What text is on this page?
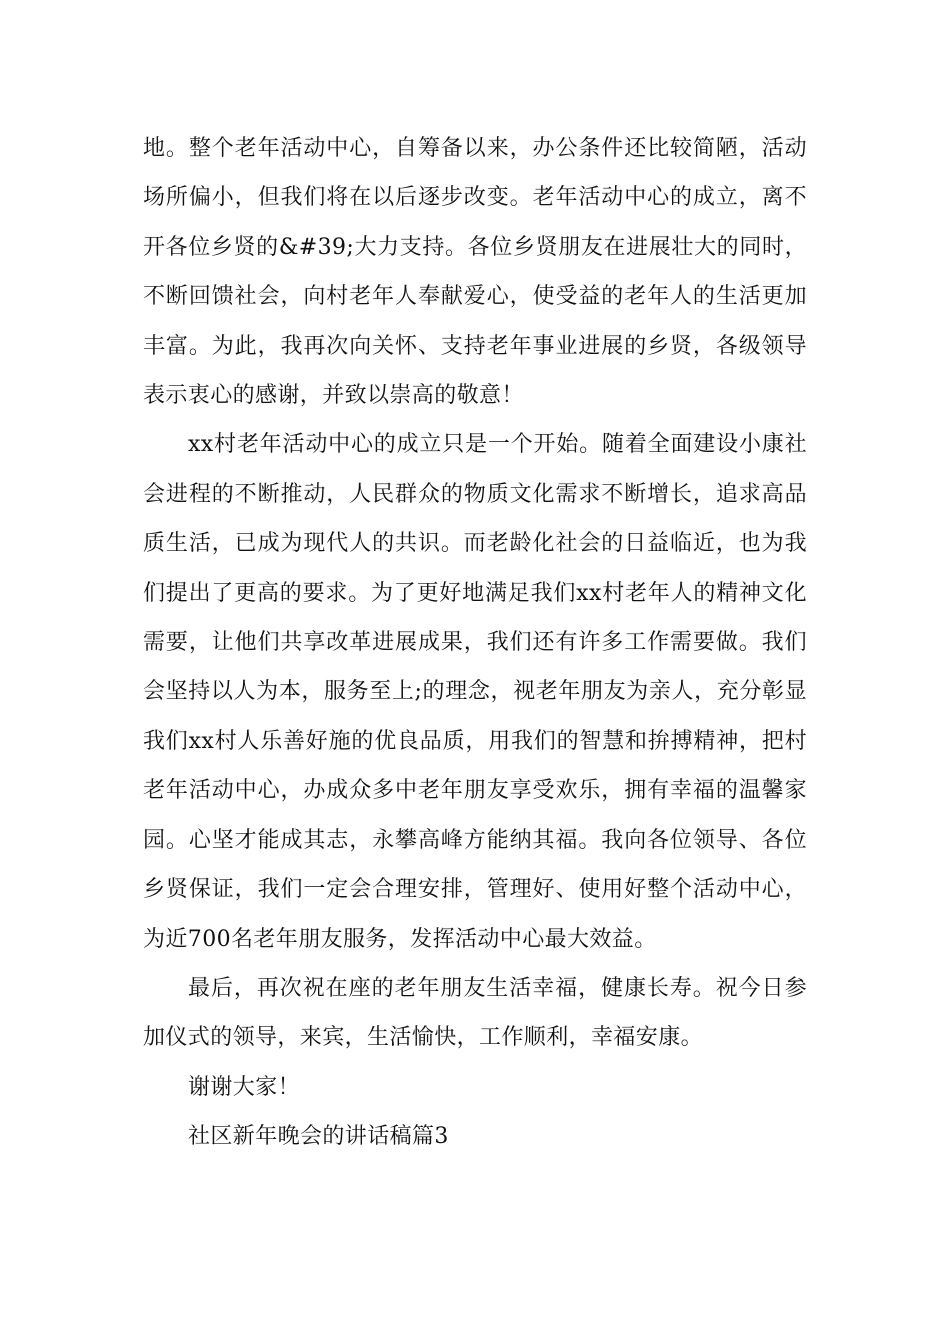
地。整个老年活动中心，自筹备以来，办公条件还比较简陋，活动场所偏小，但我们将在以后逐步改变。老年活动中心的成立，离不开各位乡贤的&#39;大力支持。各位乡贤朋友在进展壮大的同时，不断回馈社会，向村老年人奉献爱心，使受益的老年人的生活更加丰富。为此，我再次向关怀、支持老年事业进展的乡贤，各级领导表示衷心的感谢，并致以崇高的敬意！

xx村老年活动中心的成立只是一个开始。随着全面建设小康社会进程的不断推动，人民群众的物质文化需求不断增长，追求高品质生活，已成为现代人的共识。而老龄化社会的日益临近，也为我们提出了更高的要求。为了更好地满足我们xx村老年人的精神文化需要，让他们共享改革进展成果，我们还有许多工作需要做。我们会坚持以人为本，服务至上;的理念，视老年朋友为亲人，充分彰显我们xx村人乐善好施的优良品质，用我们的智慧和拚搏精神，把村老年活动中心，办成众多中老年朋友享受欢乐，拥有幸福的温馨家园。心坚才能成其志，永攀高峰方能纳其福。我向各位领导、各位乡贤保证，我们一定会合理安排，管理好、使用好整个活动中心，为近700名老年朋友服务，发挥活动中心最大效益。

最后，再次祝在座的老年朋友生活幸福，健康长寿。祝今日参加仪式的领导，来宾，生活愉快，工作顺利，幸福安康。

谢谢大家！

社区新年晚会的讲话稿篇3
